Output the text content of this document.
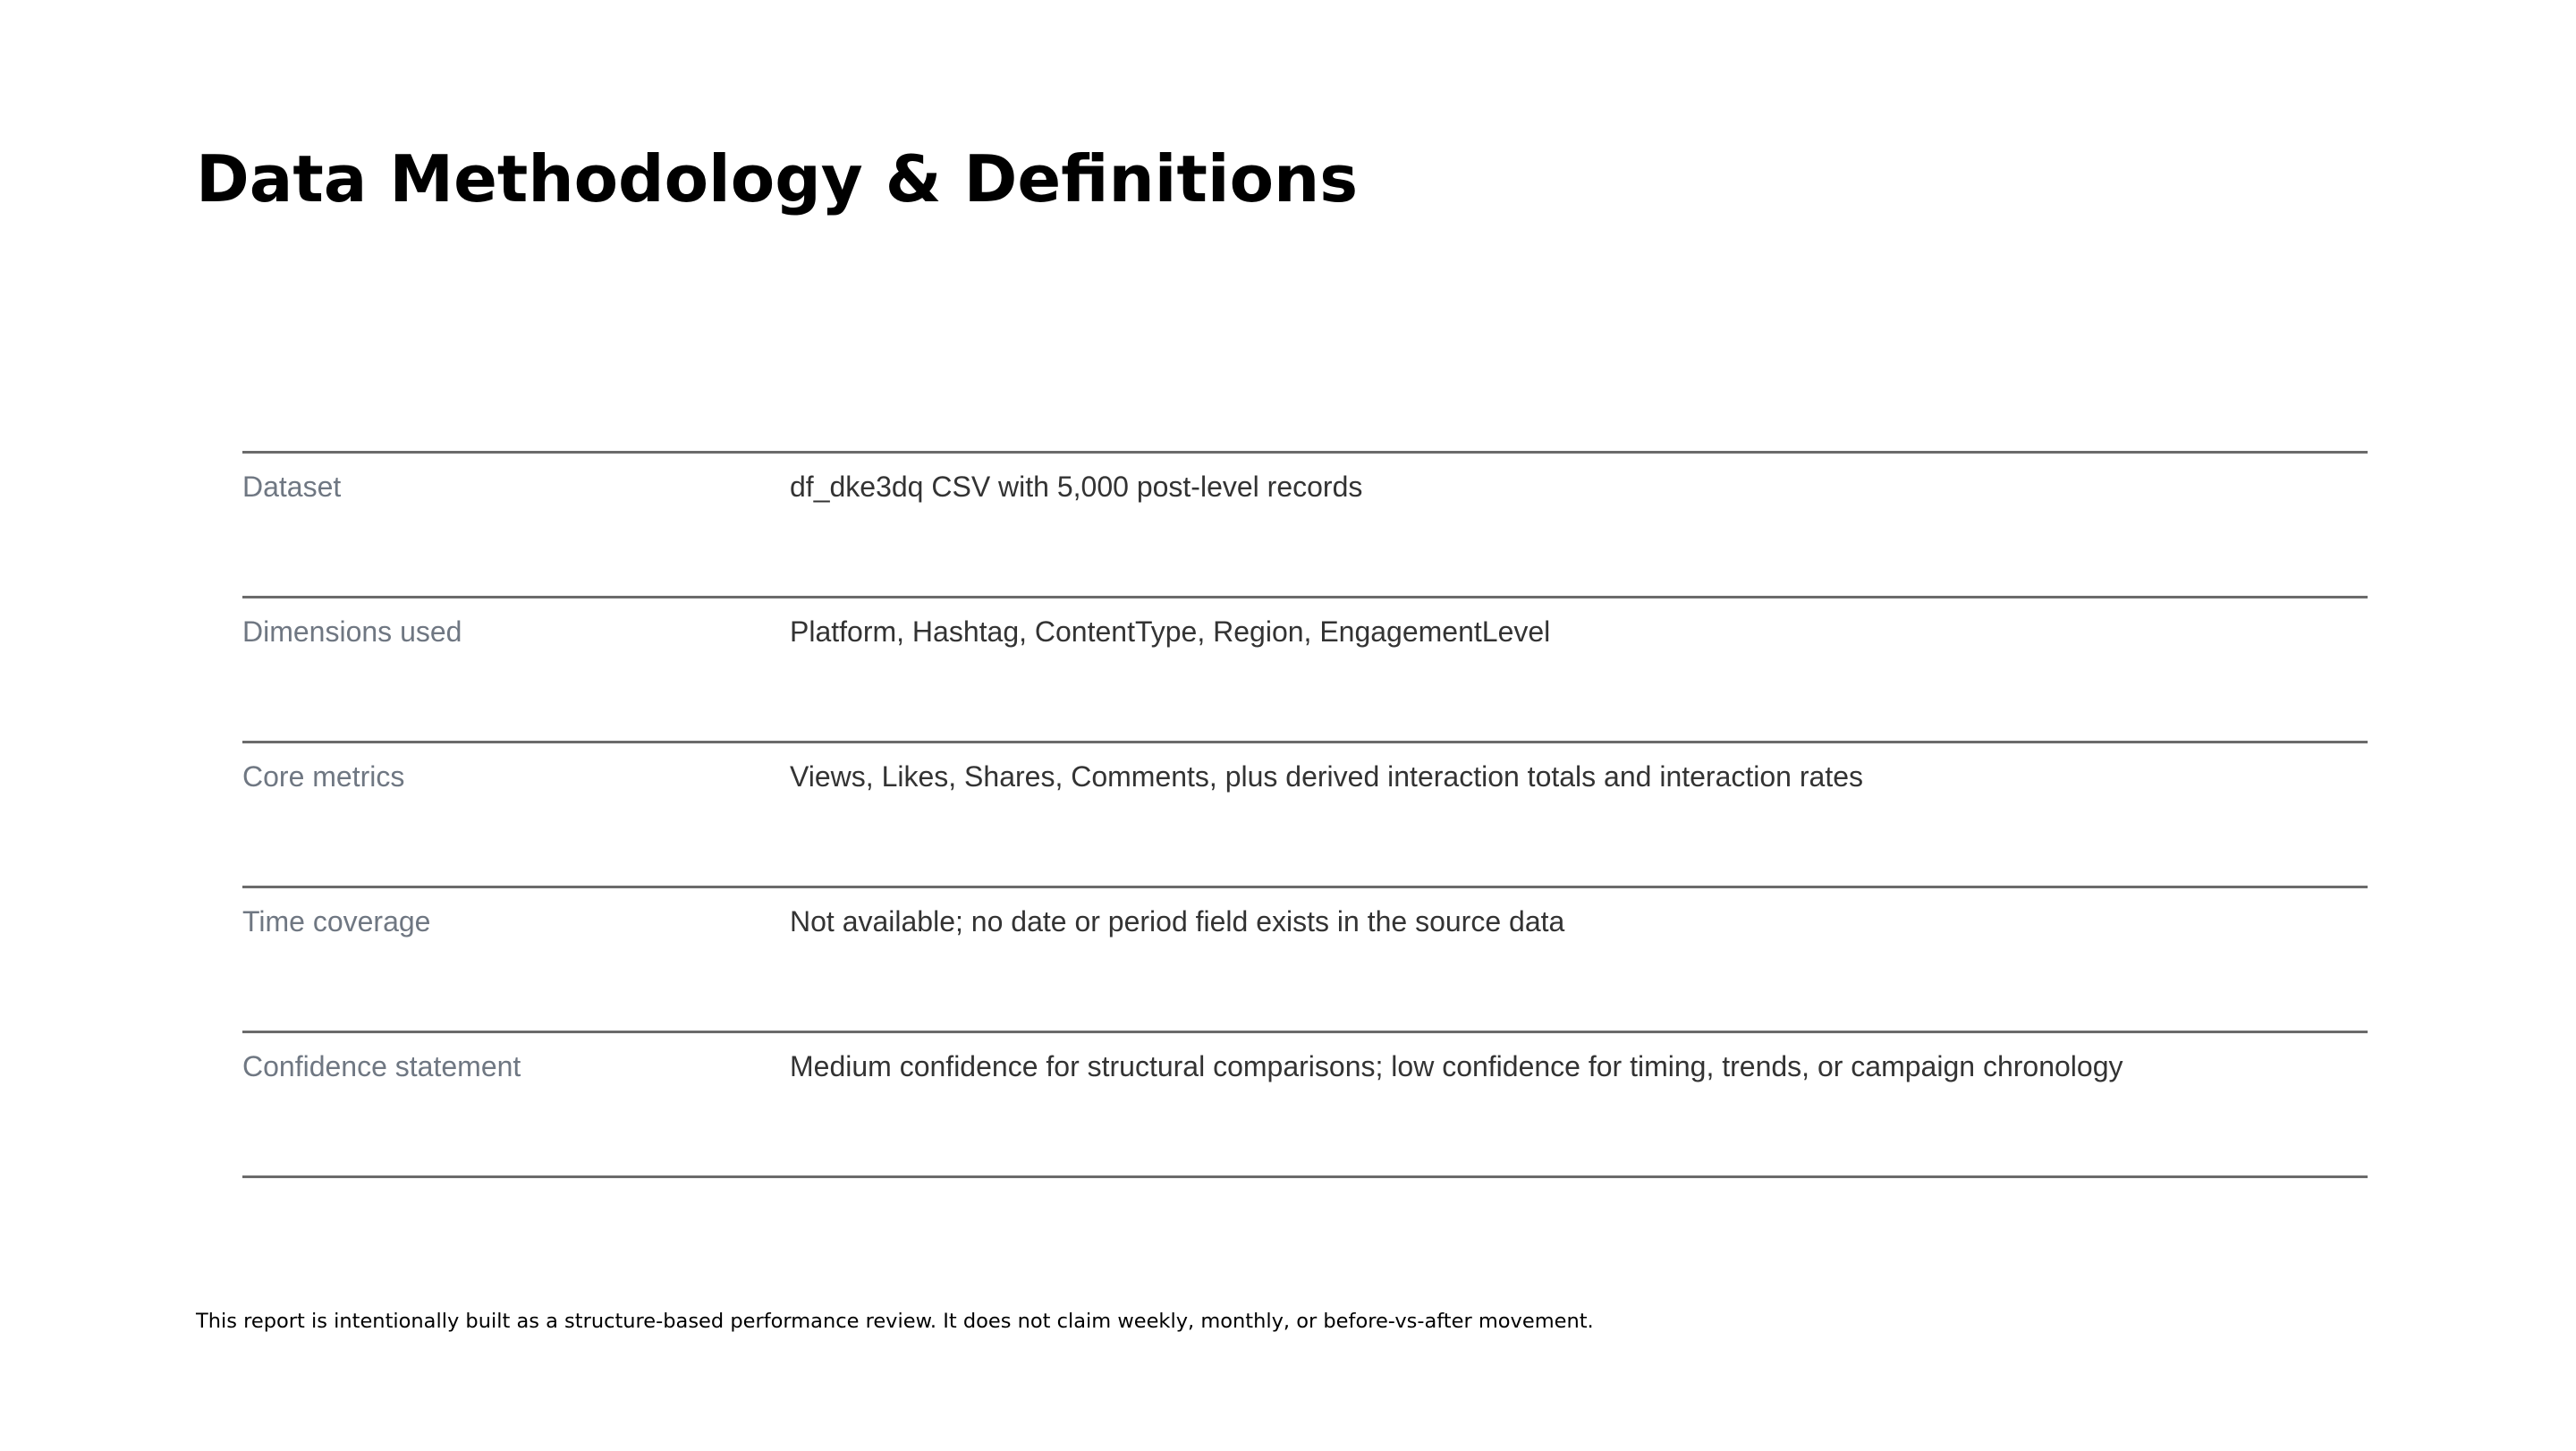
Data Methodology & Definitions
Dataset	df_dke3dq CSV with 5,000 post-level records
Dimensions used	Platform, Hashtag, ContentType, Region, EngagementLevel
Core metrics	Views, Likes, Shares, Comments, plus derived interaction totals and interaction rates
Time coverage	Not available; no date or period field exists in the source data
Confidence statement	Medium confidence for structural comparisons; low confidence for timing, trends, or campaign chronology

This report is intentionally built as a structure-based performance review. It does not claim weekly, monthly, or before-vs-after movement.
